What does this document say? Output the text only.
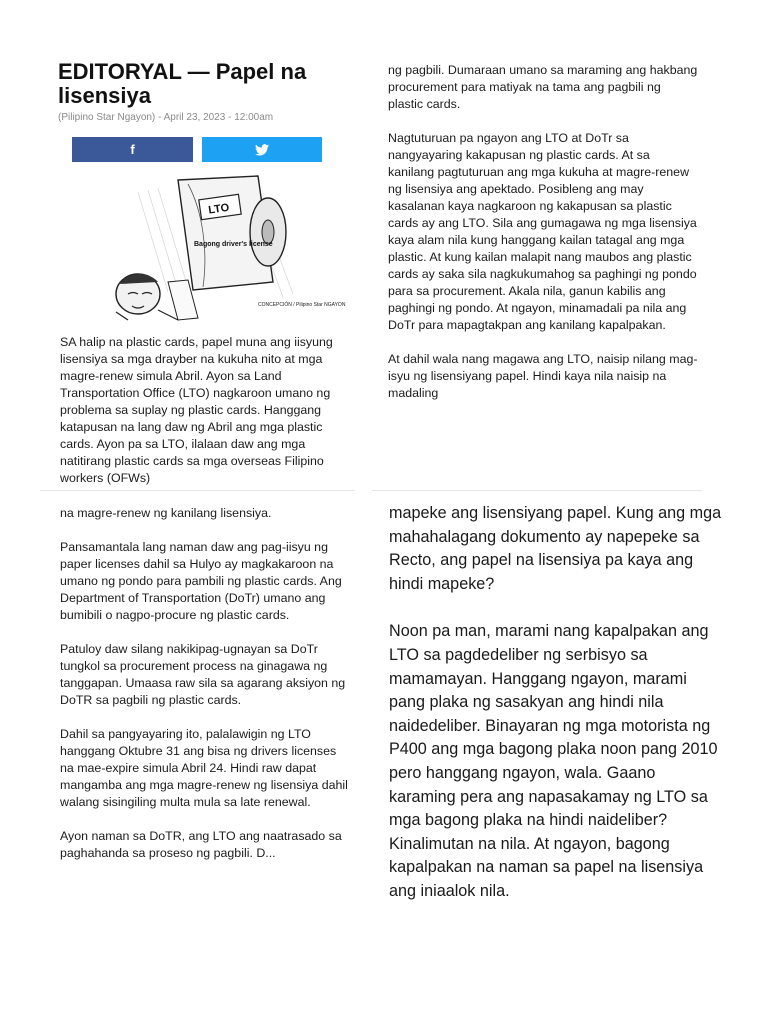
EDITORYAL — Papel na lisensiya

(Pilipino Star Ngayon) - April 23, 2023 - 12:00am

f
LTO
Bagong driver's license
CONCEPCIÓN / Pilipino Star NGAYON

SA halip na plastic cards, papel muna ang iisyung lisensiya sa mga drayber na kukuha nito at mga magre-renew simula Abril. Ayon sa Land Transportation Office (LTO) nagkaroon umano ng problema sa suplay ng plastic cards. Hanggang katapusan na lang daw ng Abril ang mga plastic cards. Ayon pa sa LTO, ilalaan daw ang mga natitirang plastic cards sa mga overseas Filipino workers (OFWs)

ng pagbili. Dumaraan umano sa maraming ang hakbang procurement para matiyak na tama ang pagbili ng plastic cards.

Nagtuturuan pa ngayon ang LTO at DoTr sa nangyayaring kakapusan ng plastic cards. At sa kanilang pagtuturuan ang mga kukuha at magre-renew ng lisensiya ang apektado. Posibleng ang may kasalanan kaya nagkaroon ng kakapusan sa plastic cards ay ang LTO. Sila ang gumagawa ng mga lisensiya kaya alam nila kung hanggang kailan tatagal ang mga plastic. At kung kailan malapit nang maubos ang plastic cards ay saka sila nagkukumahog sa paghingi ng pondo para sa procurement. Akala nila, ganun kabilis ang paghingi ng pondo. At ngayon, minamadali pa nila ang DoTr para mapagtakpan ang kanilang kapalpakan.

At dahil wala nang magawa ang LTO, naisip nilang mag-isyu ng lisensiyang papel. Hindi kaya nila naisip na madaling

na magre-renew ng kanilang lisensiya.

Pansamantala lang naman daw ang pag-iisyu ng paper licenses dahil sa Hulyo ay magkakaroon na umano ng pondo para pambili ng plastic cards. Ang Department of Transportation (DoTr) umano ang bumibili o nagpo-procure ng plastic cards.

Patuloy daw silang nakikipag-ugnayan sa DoTr tungkol sa procurement process na ginagawa ng tanggapan. Umaasa raw sila sa agarang aksiyon ng DoTR sa pagbili ng plastic cards.

Dahil sa pangyayaring ito, palalawigin ng LTO hanggang Oktubre 31 ang bisa ng drivers licenses na mae-expire simula Abril 24. Hindi raw dapat mangamba ang mga magre-renew ng lisensiya dahil walang sisingiling multa mula sa late renewal.

Ayon naman sa DoTR, ang LTO ang naatrasado sa paghahanda sa proseso ng pagbili. D...

mapeke ang lisensiyang papel. Kung ang mga mahahalagang dokumento ay napepeke sa Recto, ang papel na lisensiya pa kaya ang hindi mapeke?

Noon pa man, marami nang kapalpakan ang LTO sa pagdedeliber ng serbisyo sa mamamayan. Hanggang ngayon, marami pang plaka ng sasakyan ang hindi nila naidedeliber. Binayaran ng mga motorista ng P400 ang mga bagong plaka noon pang 2010 pero hanggang ngayon, wala. Gaano karaming pera ang napasakamay ng LTO sa mga bagong plaka na hindi naideliber? Kinalimutan na nila. At ngayon, bagong kapalpakan na naman sa papel na lisensiya ang iniaalok nila.
